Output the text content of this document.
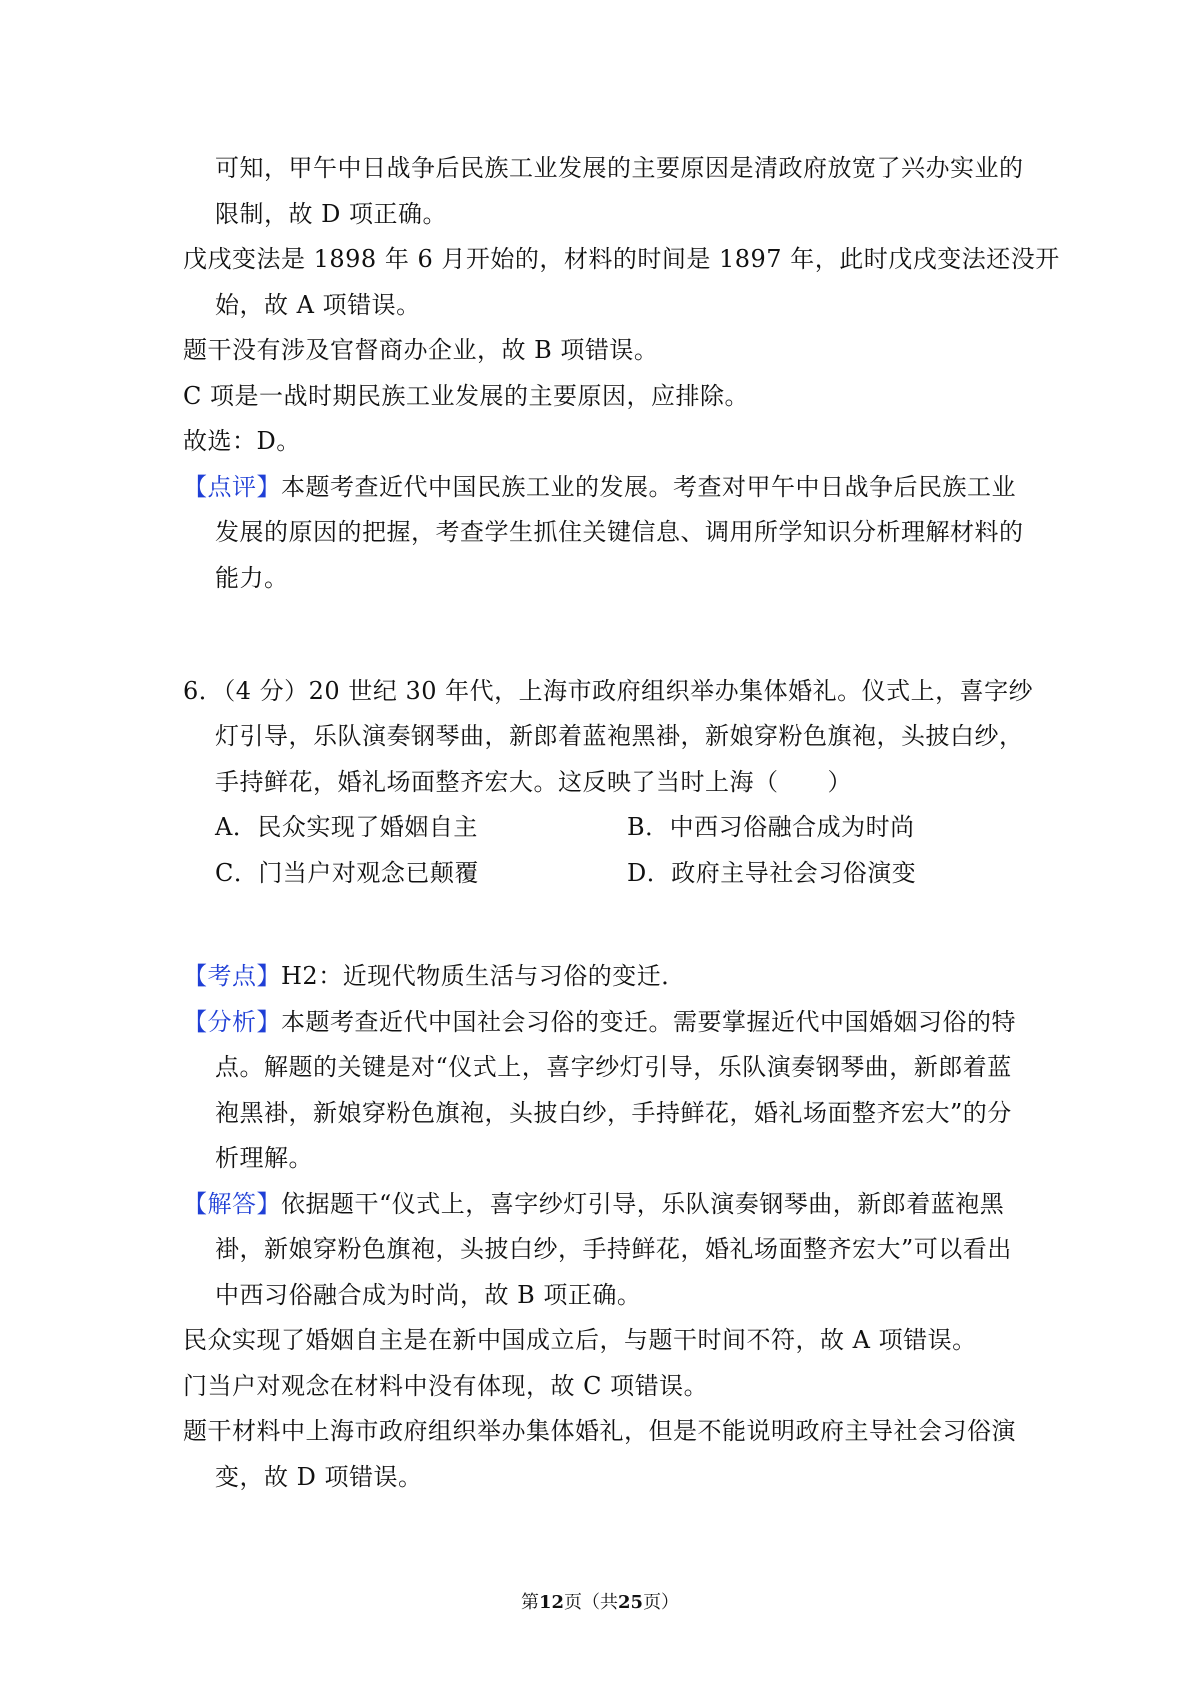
可知，甲午中日战争后民族工业发展的主要原因是清政府放宽了兴办实业的
限制，故 D 项正确。
戊戌变法是 1898 年 6 月开始的，材料的时间是 1897 年，此时戊戌变法还没开
始，故 A 项错误。
题干没有涉及官督商办企业，故 B 项错误。
C 项是一战时期民族工业发展的主要原因，应排除。
故选：D。
【点评】本题考查近代中国民族工业的发展。考查对甲午中日战争后民族工业
发展的原因的把握，考查学生抓住关键信息、调用所学知识分析理解材料的
能力。
6．（4 分）20 世纪 30 年代，上海市政府组织举办集体婚礼。仪式上，喜字纱
灯引导，乐队演奏钢琴曲，新郎着蓝袍黑褂，新娘穿粉色旗袍，头披白纱，
手持鲜花，婚礼场面整齐宏大。这反映了当时上海（　　）
A．民众实现了婚姻自主	B．中西习俗融合成为时尚
C．门当户对观念已颠覆	D．政府主导社会习俗演变
【考点】H2：近现代物质生活与习俗的变迁．
【分析】本题考查近代中国社会习俗的变迁。需要掌握近代中国婚姻习俗的特
点。解题的关键是对“仪式上，喜字纱灯引导，乐队演奏钢琴曲，新郎着蓝
袍黑褂，新娘穿粉色旗袍，头披白纱，手持鲜花，婚礼场面整齐宏大”的分
析理解。
【解答】依据题干“仪式上，喜字纱灯引导，乐队演奏钢琴曲，新郎着蓝袍黑
褂，新娘穿粉色旗袍，头披白纱，手持鲜花，婚礼场面整齐宏大”可以看出
中西习俗融合成为时尚，故 B 项正确。
民众实现了婚姻自主是在新中国成立后，与题干时间不符，故 A 项错误。
门当户对观念在材料中没有体现，故 C 项错误。
题干材料中上海市政府组织举办集体婚礼，但是不能说明政府主导社会习俗演
变，故 D 项错误。
第12页（共25页）
